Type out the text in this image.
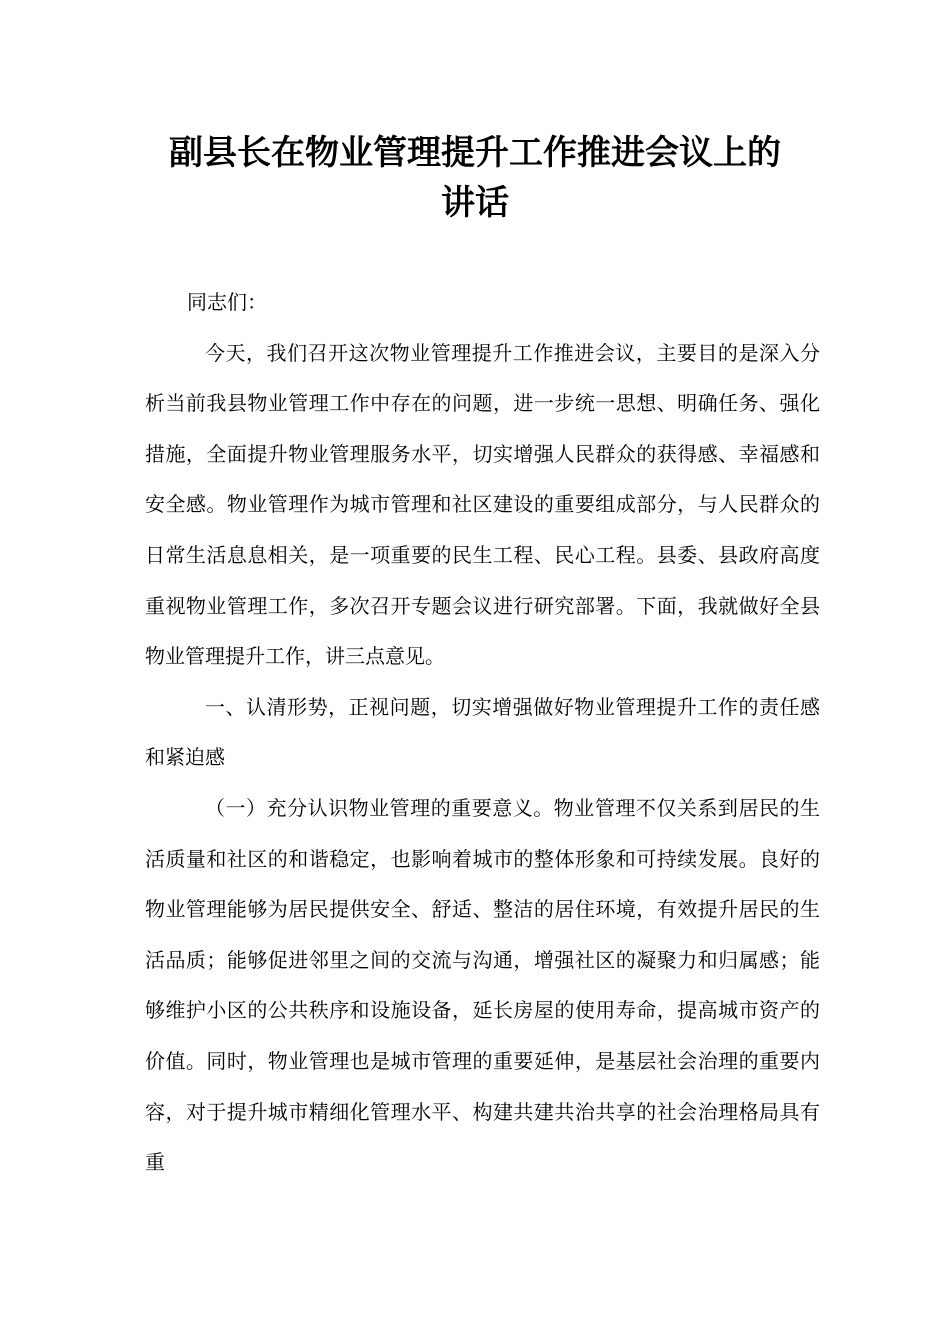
副县长在物业管理提升工作推进会议上的
讲话

同志们：

今天，我们召开这次物业管理提升工作推进会议，主要目的是深入分析当前我县物业管理工作中存在的问题，进一步统一思想、明确任务、强化措施，全面提升物业管理服务水平，切实增强人民群众的获得感、幸福感和安全感。物业管理作为城市管理和社区建设的重要组成部分，与人民群众的日常生活息息相关，是一项重要的民生工程、民心工程。县委、县政府高度重视物业管理工作，多次召开专题会议进行研究部署。下面，我就做好全县物业管理提升工作，讲三点意见。

一、认清形势，正视问题，切实增强做好物业管理提升工作的责任感和紧迫感

（一）充分认识物业管理的重要意义。物业管理不仅关系到居民的生活质量和社区的和谐稳定，也影响着城市的整体形象和可持续发展。良好的物业管理能够为居民提供安全、舒适、整洁的居住环境，有效提升居民的生活品质；能够促进邻里之间的交流与沟通，增强社区的凝聚力和归属感；能够维护小区的公共秩序和设施设备，延长房屋的使用寿命，提高城市资产的价值。同时，物业管理也是城市管理的重要延伸，是基层社会治理的重要内容，对于提升城市精细化管理水平、构建共建共治共享的社会治理格局具有重
